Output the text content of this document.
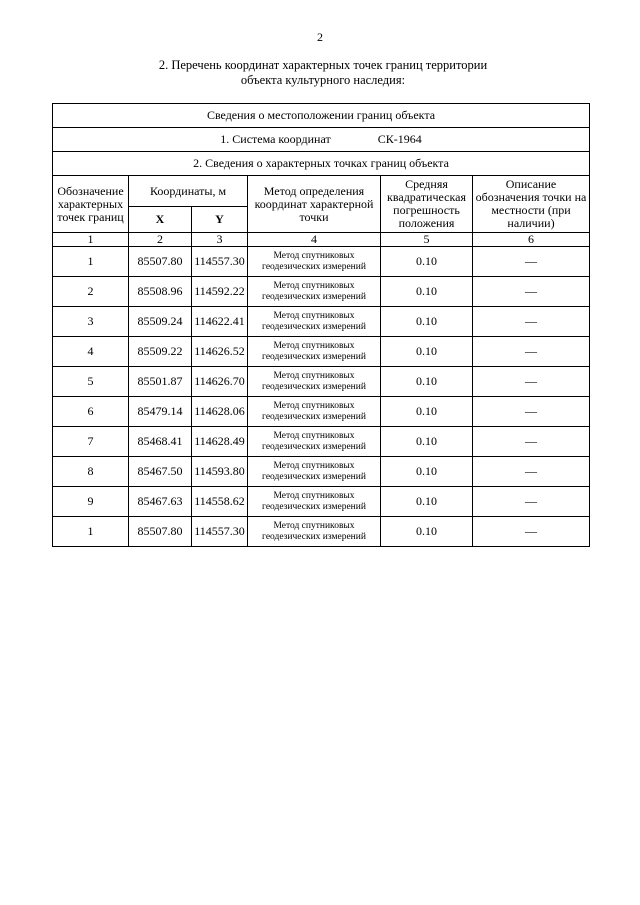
2
2. Перечень координат характерных точек границ территории
объекта культурного наследия:
Сведения о местоположении границ объекта					
1. Система координат СК-1964					
2. Сведения о характерных точках границ объекта					
Обозначение характерных точек границ	Координаты, м		Метод определения координат характерной точки	Средняя квадратическая погрешность положения	Описание обозначения точки на местности (при наличии)
	X	Y			
1	2	3	4	5	6
1	85507.80	114557.30	Метод спутниковых геодезических измерений	0.10	—
2	85508.96	114592.22	Метод спутниковых геодезических измерений	0.10	—
3	85509.24	114622.41	Метод спутниковых геодезических измерений	0.10	—
4	85509.22	114626.52	Метод спутниковых геодезических измерений	0.10	—
5	85501.87	114626.70	Метод спутниковых геодезических измерений	0.10	—
6	85479.14	114628.06	Метод спутниковых геодезических измерений	0.10	—
7	85468.41	114628.49	Метод спутниковых геодезических измерений	0.10	—
8	85467.50	114593.80	Метод спутниковых геодезических измерений	0.10	—
9	85467.63	114558.62	Метод спутниковых геодезических измерений	0.10	—
1	85507.80	114557.30	Метод спутниковых геодезических измерений	0.10	—
